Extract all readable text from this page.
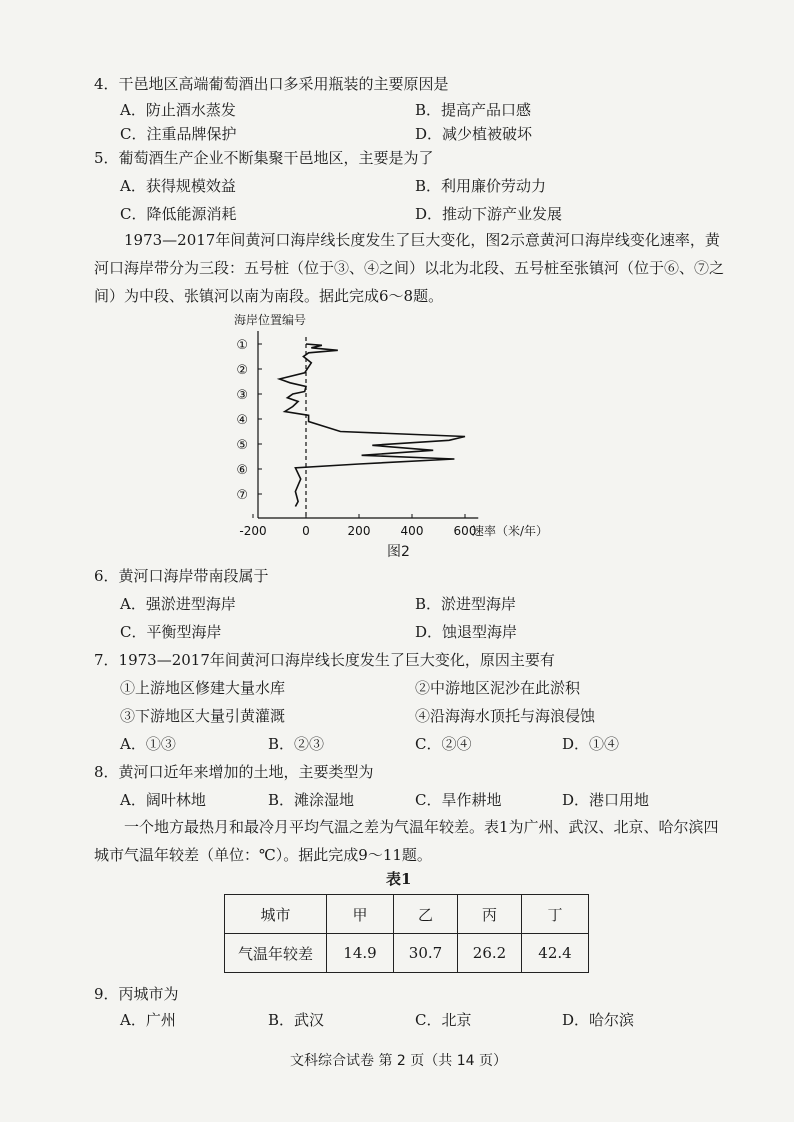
4．干邑地区高端葡萄酒出口多采用瓶装的主要原因是
A．防止酒水蒸发	B．提高产品口感
C．注重品牌保护	D．减少植被破坏
5．葡萄酒生产企业不断集聚干邑地区，主要是为了
A．获得规模效益	B．利用廉价劳动力
C．降低能源消耗	D．推动下游产业发展
1973—2017年间黄河口海岸线长度发生了巨大变化，图2示意黄河口海岸线变化速率，黄河口海岸带分为三段：五号桩（位于③、④之间）以北为北段、五号桩至张镇河（位于⑥、⑦之间）为中段、张镇河以南为南段。据此完成6～8题。
海岸位置编号
①
②
③
④
⑤
⑥
⑦
-200	0	200	400	600
速率（米/年）
图2
6．黄河口海岸带南段属于
A．强淤进型海岸	B．淤进型海岸
C．平衡型海岸	D．蚀退型海岸
7．1973—2017年间黄河口海岸线长度发生了巨大变化，原因主要有
①上游地区修建大量水库	②中游地区泥沙在此淤积
③下游地区大量引黄灌溉	④沿海海水顶托与海浪侵蚀
A．①③	B．②③	C．②④	D．①④
8．黄河口近年来增加的土地，主要类型为
A．阔叶林地	B．滩涂湿地	C．旱作耕地	D．港口用地
一个地方最热月和最冷月平均气温之差为气温年较差。表1为广州、武汉、北京、哈尔滨四城市气温年较差（单位：℃）。据此完成9～11题。
表1
城市	甲	乙	丙	丁
气温年较差	14.9	30.7	26.2	42.4
9．丙城市为
A．广州	B．武汉	C．北京	D．哈尔滨
文科综合试卷 第 2 页（共 14 页）
